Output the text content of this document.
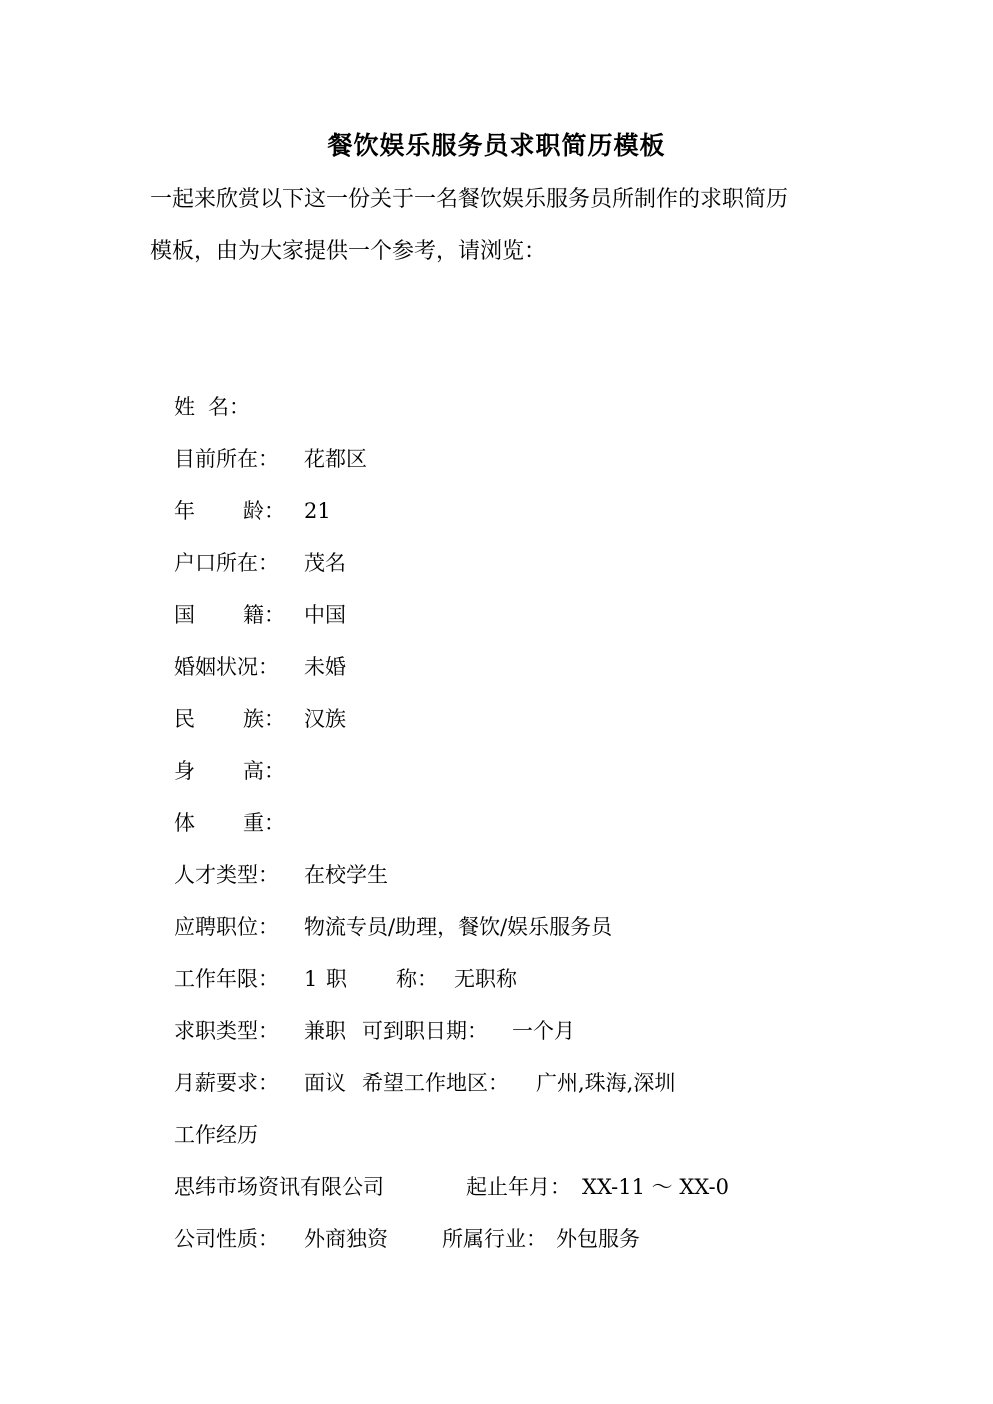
餐饮娱乐服务员求职简历模板
一起来欣赏以下这一份关于一名餐饮娱乐服务员所制作的求职简历
模板，由为大家提供一个参考，请浏览：
姓 名：
目前所在： 花都区
年 龄： 21
户口所在： 茂名
国 籍： 中国
婚姻状况： 未婚
民 族： 汉族
身 高：
体 重：
人才类型： 在校学生
应聘职位： 物流专员/助理，餐饮/娱乐服务员
工作年限： 1 职 称： 无职称
求职类型： 兼职 可到职日期： 一个月
月薪要求： 面议 希望工作地区： 广州,珠海,深圳
工作经历
思纬市场资讯有限公司	起止年月： XX-11 ～ XX-0
公司性质： 外商独资	所属行业： 外包服务
